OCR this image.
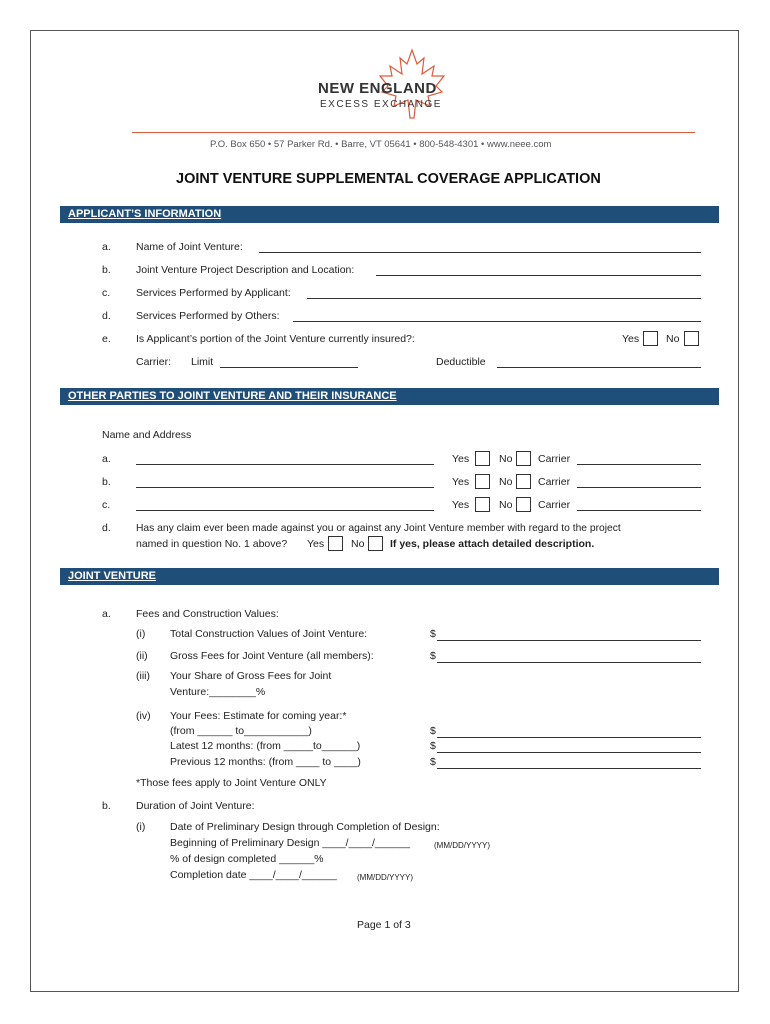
NEW ENGLAND
EXCESS EXCHANGE
P.O. Box 650 • 57 Parker Rd. • Barre, VT 05641 • 800-548-4301 • www.neee.com
JOINT VENTURE SUPPLEMENTAL COVERAGE APPLICATION
APPLICANT’S INFORMATION
a. Name of Joint Venture:
b. Joint Venture Project Description and Location:
c. Services Performed by Applicant:
d. Services Performed by Others:
e. Is Applicant’s portion of the Joint Venture currently insured?:	Yes	No
Carrier: Limit	Deductible
OTHER PARTIES TO JOINT VENTURE AND THEIR INSURANCE
Name and Address
a.	Yes	No Carrier
b.	Yes	No Carrier
c.	Yes	No Carrier
d. Has any claim ever been made against you or against any Joint Venture member with regard to the project
named in question No. 1 above? Yes	No If yes, please attach detailed description.
JOINT VENTURE
a. Fees and Construction Values:
(i) Total Construction Values of Joint Venture:	$
(ii) Gross Fees for Joint Venture (all members):	$
(iii) Your Share of Gross Fees for Joint
Venture:________%
(iv) Your Fees: Estimate for coming year:*
(from ______ to___________)	$
Latest 12 months: (from _____to______)	$
Previous 12 months: (from ____ to ____)	$
*Those fees apply to Joint Venture ONLY
b. Duration of Joint Venture:
(i) Date of Preliminary Design through Completion of Design:
Beginning of Preliminary Design ____/____/______	(MM/DD/YYYY)
% of design completed ______%
Completion date ____/____/______	(MM/DD/YYYY)
Page 1 of 3
